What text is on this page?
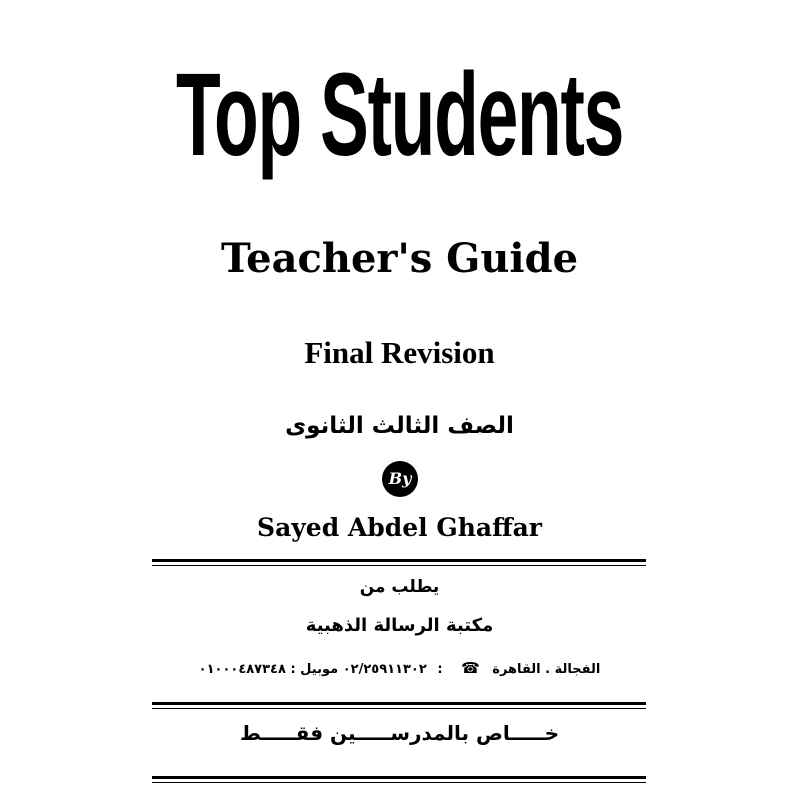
Top Students
Teacher's Guide
Final Revision
الصف الثالث الثانوى
By
Sayed Abdel Ghaffar
يطلب من
مكتبة الرسالة الذهبية
الفجالة . القاهرة ☎ : ٠٢/٢٥٩١١٣٠٢ موبيل : ٠١٠٠٠٤٨٧٣٤٨
خـــــاص بالمدرســـــين فقـــــط
